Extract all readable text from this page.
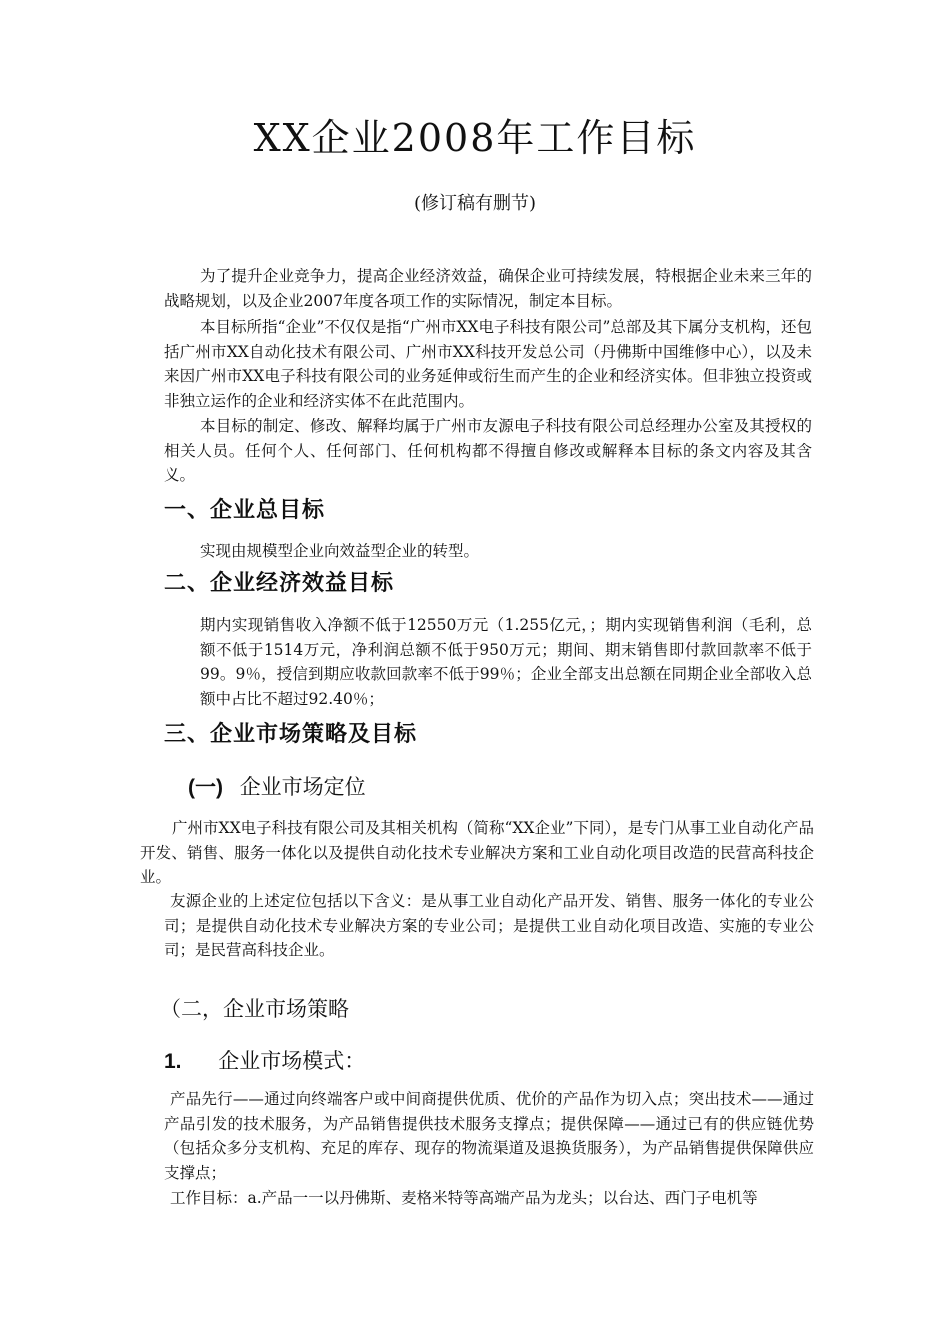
XX企业2008年工作目标
(修订稿有删节)

为了提升企业竞争力，提高企业经济效益，确保企业可持续发展，特根据企业未来三年的战略规划，以及企业2007年度各项工作的实际情况，制定本目标。

本目标所指“企业”不仅仅是指“广州市XX电子科技有限公司”总部及其下属分支机构，还包括广州市XX自动化技术有限公司、广州市XX科技开发总公司（丹佛斯中国维修中心），以及未来因广州市XX电子科技有限公司的业务延伸或衍生而产生的企业和经济实体。但非独立投资或非独立运作的企业和经济实体不在此范围内。

本目标的制定、修改、解释均属于广州市友源电子科技有限公司总经理办公室及其授权的相关人员。任何个人、任何部门、任何机构都不得擅自修改或解释本目标的条文内容及其含义。

一、企业总目标

实现由规模型企业向效益型企业的转型。

二、企业经济效益目标

期内实现销售收入净额不低于12550万元（1.255亿元，；期内实现销售利润（毛利，总额不低于1514万元，净利润总额不低于950万元；期间、期末销售即付款回款率不低于99。9％，授信到期应收款回款率不低于99％；企业全部支出总额在同期企业全部收入总额中占比不超过92.40％；

三、企业市场策略及目标
(一) 企业市场定位

广州市XX电子科技有限公司及其相关机构（简称“XX企业”下同），是专门从事工业自动化产品开发、销售、服务一体化以及提供自动化技术专业解决方案和工业自动化项目改造的民营高科技企业。

友源企业的上述定位包括以下含义：是从事工业自动化产品开发、销售、服务一体化的专业公司；是提供自动化技术专业解决方案的专业公司；是提供工业自动化项目改造、实施的专业公司；是民营高科技企业。

（二，企业市场策略
1. 企业市场模式：

产品先行——通过向终端客户或中间商提供优质、优价的产品作为切入点；突出技术——通过产品引发的技术服务，为产品销售提供技术服务支撑点；提供保障——通过已有的供应链优势（包括众多分支机构、充足的库存、现存的物流渠道及退换货服务），为产品销售提供保障供应支撑点；

工作目标：a.产品一一以丹佛斯、麦格米特等高端产品为龙头；以台达、西门子电机等
